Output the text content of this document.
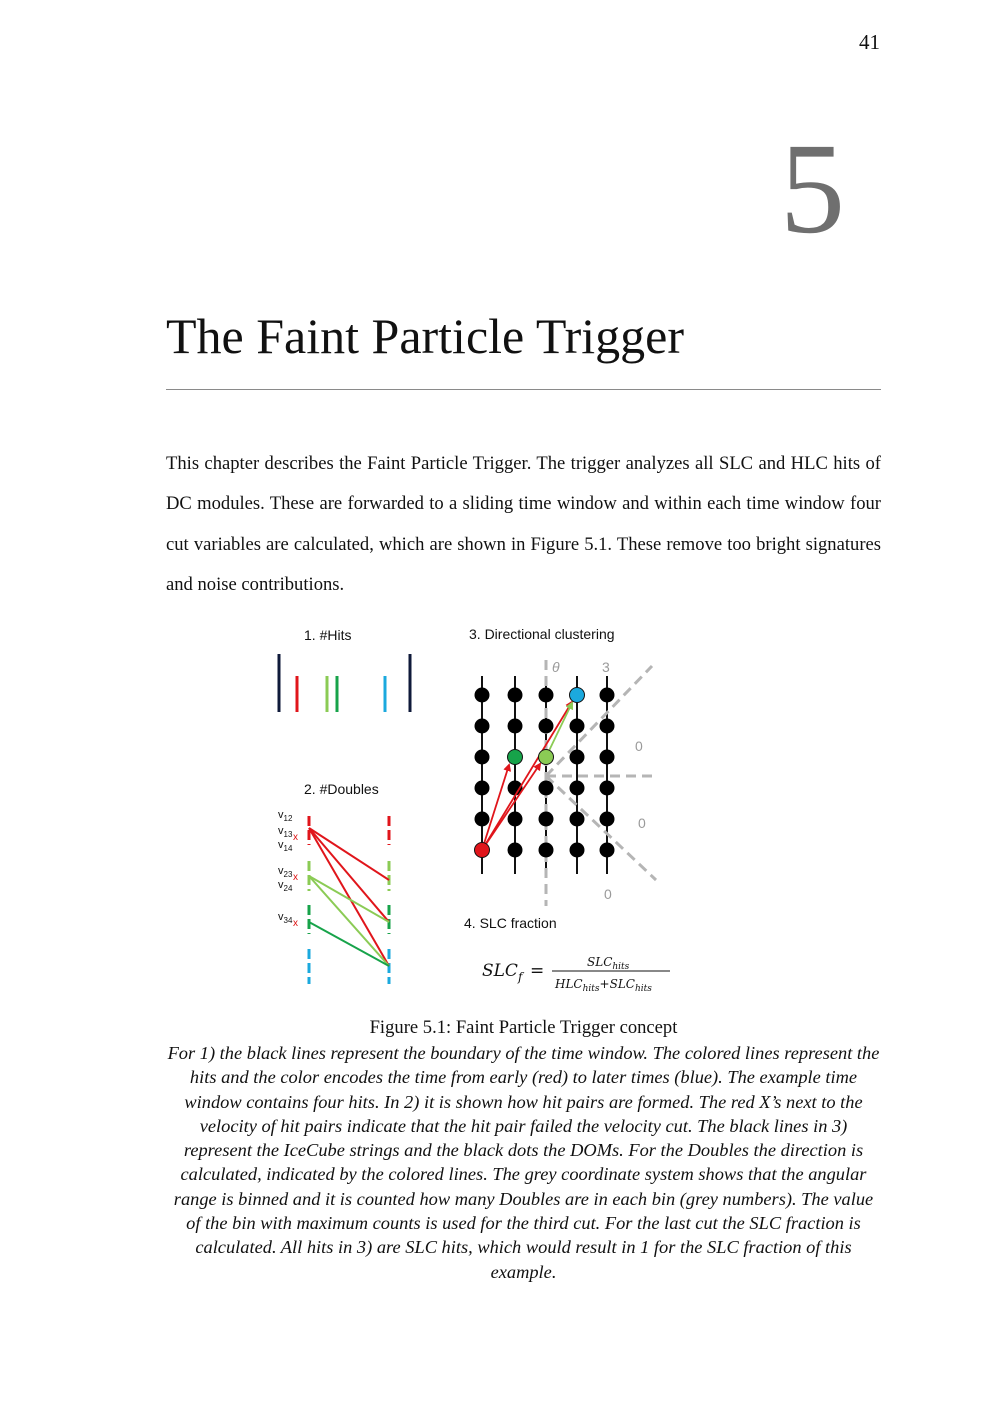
41
5
The Faint Particle Trigger

This chapter describes the Faint Particle Trigger. The trigger analyzes all SLC and HLC hits of DC modules. These are forwarded to a sliding time window and within each time window four cut variables are calculated, which are shown in Figure 5.1. These remove too bright signatures and noise contributions.

1. #Hits
2. #Doubles
$v_{12}$
$v_{13}$ x
$v_{14}$
$v_{23}$ x
$v_{24}$
$v_{34}$ x
3. Directional clustering
θ	3
0
0
0
4. SLC fraction
$SLC_f$ =	$SLC_{hits}$
$HLC_{hits}+SLC_{hits}$

Figure 5.1: Faint Particle Trigger concept

For 1) the black lines represent the boundary of the time window. The colored lines represent the hits and the color encodes the time from early (red) to later times (blue). The example time window contains four hits. In 2) it is shown how hit pairs are formed. The red X’s next to the velocity of hit pairs indicate that the hit pair failed the velocity cut. The black lines in 3) represent the IceCube strings and the black dots the DOMs. For the Doubles the direction is calculated, indicated by the colored lines. The grey coordinate system shows that the angular range is binned and it is counted how many Doubles are in each bin (grey numbers). The value of the bin with maximum counts is used for the third cut. For the last cut the SLC fraction is calculated. All hits in 3) are SLC hits, which would result in 1 for the SLC fraction of this example.
